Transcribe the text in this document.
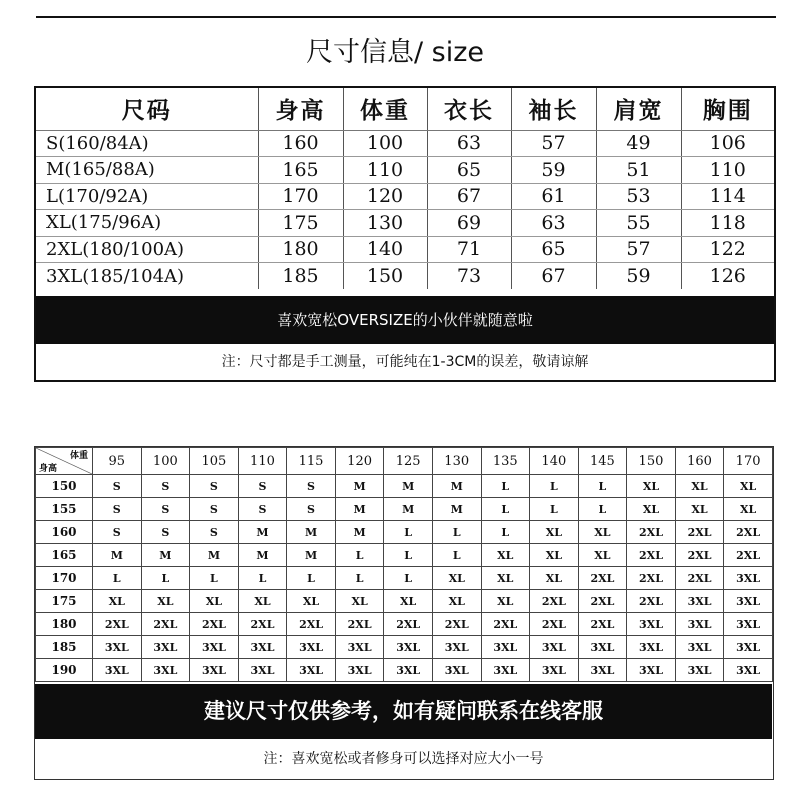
尺寸信息/ size
尺码	身高	体重	衣长	袖长	肩宽	胸围
S(160/84A)	160	100	63	57	49	106
M(165/88A)	165	110	65	59	51	110
L(170/92A)	170	120	67	61	53	114
XL(175/96A)	175	130	69	63	55	118
2XL(180/100A)	180	140	71	65	57	122
3XL(185/104A)	185	150	73	67	59	126
喜欢宽松OVERSIZE的小伙伴就随意啦
注：尺寸都是手工测量，可能纯在1-3CM的误差，敬请谅解
体重
身高	95	100	105	110	115	120	125	130	135	140	145	150	160	170
150	S	S	S	S	S	M	M	M	L	L	L	XL	XL	XL
155	S	S	S	S	S	M	M	M	L	L	L	XL	XL	XL
160	S	S	S	M	M	M	L	L	L	XL	XL	2XL	2XL	2XL
165	M	M	M	M	M	L	L	L	XL	XL	XL	2XL	2XL	2XL
170	L	L	L	L	L	L	L	XL	XL	XL	2XL	2XL	2XL	3XL
175	XL	XL	XL	XL	XL	XL	XL	XL	XL	2XL	2XL	2XL	3XL	3XL
180	2XL	2XL	2XL	2XL	2XL	2XL	2XL	2XL	2XL	2XL	2XL	3XL	3XL	3XL
185	3XL	3XL	3XL	3XL	3XL	3XL	3XL	3XL	3XL	3XL	3XL	3XL	3XL	3XL
190	3XL	3XL	3XL	3XL	3XL	3XL	3XL	3XL	3XL	3XL	3XL	3XL	3XL	3XL
建议尺寸仅供参考，如有疑问联系在线客服
注：喜欢宽松或者修身可以选择对应大小一号
